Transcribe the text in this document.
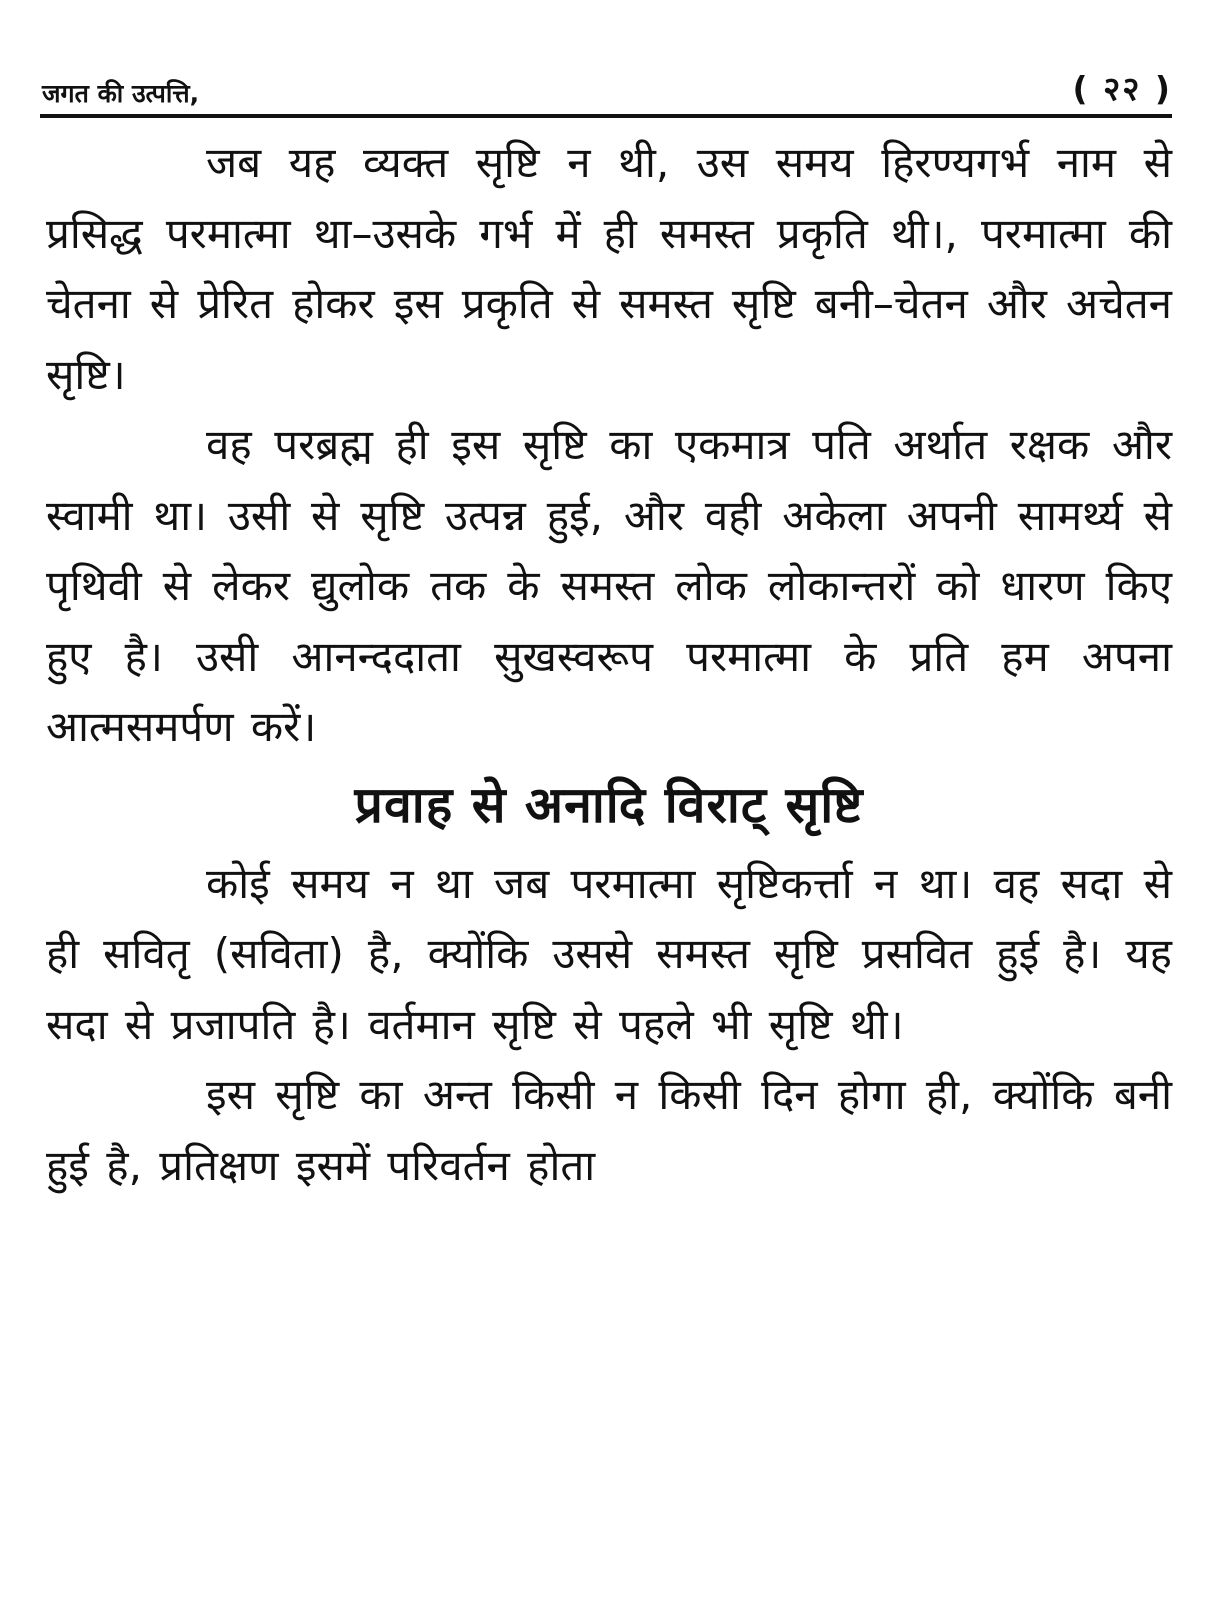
जगत की उत्पत्ति,	( २२ )

जब यह व्यक्त सृष्टि न थी, उस समय हिरण्यगर्भ नाम से प्रसिद्ध परमात्मा था–उसके गर्भ में ही समस्त प्रकृति थी।, परमात्मा की चेतना से प्रेरित होकर इस प्रकृति से समस्त सृष्टि बनी–चेतन और अचेतन सृष्टि।

वह परब्रह्म ही इस सृष्टि का एकमात्र पति अर्थात रक्षक और स्वामी था। उसी से सृष्टि उत्पन्न हुई, और वही अकेला अपनी सामर्थ्य से पृथिवी से लेकर द्युलोक तक के समस्त लोक लोकान्तरों को धारण किए हुए है। उसी आनन्ददाता सुखस्वरूप परमात्मा के प्रति हम अपना आत्मसमर्पण करें।

प्रवाह से अनादि विराट् सृष्टि

कोई समय न था जब परमात्मा सृष्टिकर्त्ता न था। वह सदा से ही सवितृ (सविता) है, क्योंकि उससे समस्त सृष्टि प्रसवित हुई है। यह सदा से प्रजापति है। वर्तमान सृष्टि से पहले भी सृष्टि थी।

इस सृष्टि का अन्त किसी न किसी दिन होगा ही, क्योंकि बनी हुई है, प्रतिक्षण इसमें परिवर्तन होता
